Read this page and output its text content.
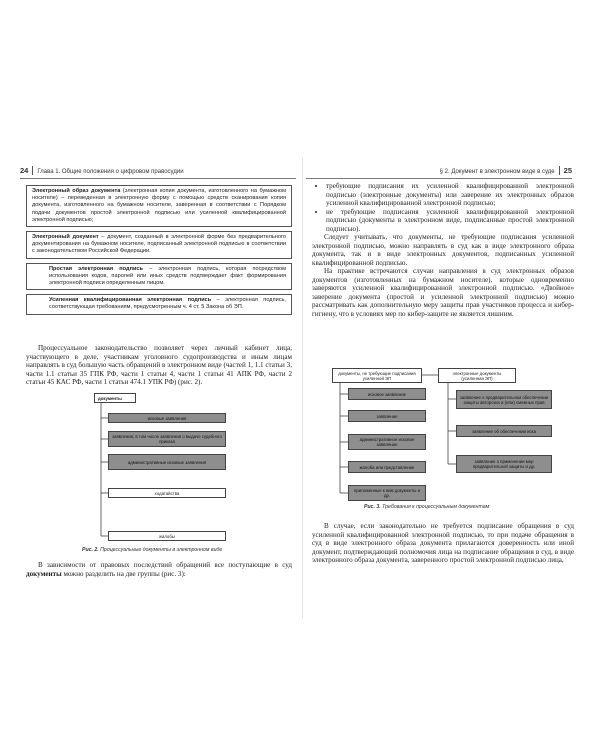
24 Глава 1. Общие положения о цифровом правосудии
Электронный образ документа (электронная копия документа, изготовленного на бумажном носителе) – переведенная в электронную форму с помощью средств сканирования копия документа, изготовленного на бумажном носителе, заверенная в соответствии с Порядком подачи документов простой электронной подписью или усиленной квалифицированной электронной подписью;
Электронный документ – документ, созданный в электронной форме без предварительного документирования на бумажном носителе, подписанный электронной подписью в соответствии с законодательством Российской Федерации.
Простая электронная подпись – электронная подпись, которая посредством использования кодов, паролей или иных средств подтверждает факт формирования электронной подписи определенным лицом.
Усиленная квалифицированная электронная подпись – электронная подпись, соответствующая требованиям, предусмотренным ч. 4 ст. 5 Закона об ЭП.

Процессуальное законодательство позволяет через личный кабинет лица, участвующего в деле, участникам уголовного судопроизводства и иным лицам направлять в суд большую часть обращений в электронном виде (частей 1, 1.1 статьи 3, части 1.1 статьи 35 ГПК РФ, части 1 статьи 4, части 1 статьи 41 АПК РФ, части 2 статьи 45 КАС РФ, части 1 статьи 474.1 УПК РФ) (рис. 2).

документы
исковые заявления
заявления, в том числе заявления о выдаче судебного приказа
административные исковые заявления
ходатайства
жалобы
Рис. 2. Процессуальные документы в электронном виде

В зависимости от правовых последствий обращений все поступающие в суд документы можно разделить на две группы (рис. 3):

§ 2. Документ в электронном виде в суде 25
• требующие подписания их усиленной квалифицированной электронной подписью (электронные документы) или заверение их электронных образов усиленной квалифицированной электронной подписью;
• не требующие подписания усиленной квалифицированной электронной подписью (документы в электронном виде, подписанные простой электронной подписью).

Следует учитывать, что документы, не требующие подписания усиленной электронной подписью, можно направлять в суд как в виде электронного образа документа, так и в виде электронных документов, подписанных усиленной квалифицированной подписью.

На практике встречаются случаи направления в суд электронных образов документов (изготовленных на бумажном носителе), которые одновременно заверяются усиленной квалифицированной электронной подписью. «Двойное» заверение документа (простой и усиленной электронной подписью) можно рассматривать как дополнительную меру защиты прав участников процесса и кибер-гигиену, что в условиях мер по кибер-защите не является лишним.

документы, не требующие подписания усиленной ЭП
исковое заявление
заявление
административное исковое заявление
жалоба или представление
приложенные к ним документы и др.
электронные документы (усиленная ЭП)
заявление о предварительном обеспечении защиты авторских и (или) смежных прав
заявление об обеспечении иска
заявление о применении мер предварительной защиты и др.
Рис. 3. Требования к процессуальным документам

В случае, если законодательно не требуется подписание обращения в суд усиленной квалифицированной электронной подписью, то при подаче обращения в суд в виде электронного образа документа прилагаются доверенность или иной документ, подтверждающий полномочия лица на подписание обращения в суд, в виде электронного образа документа, заверенного простой электронной подписью лица,
